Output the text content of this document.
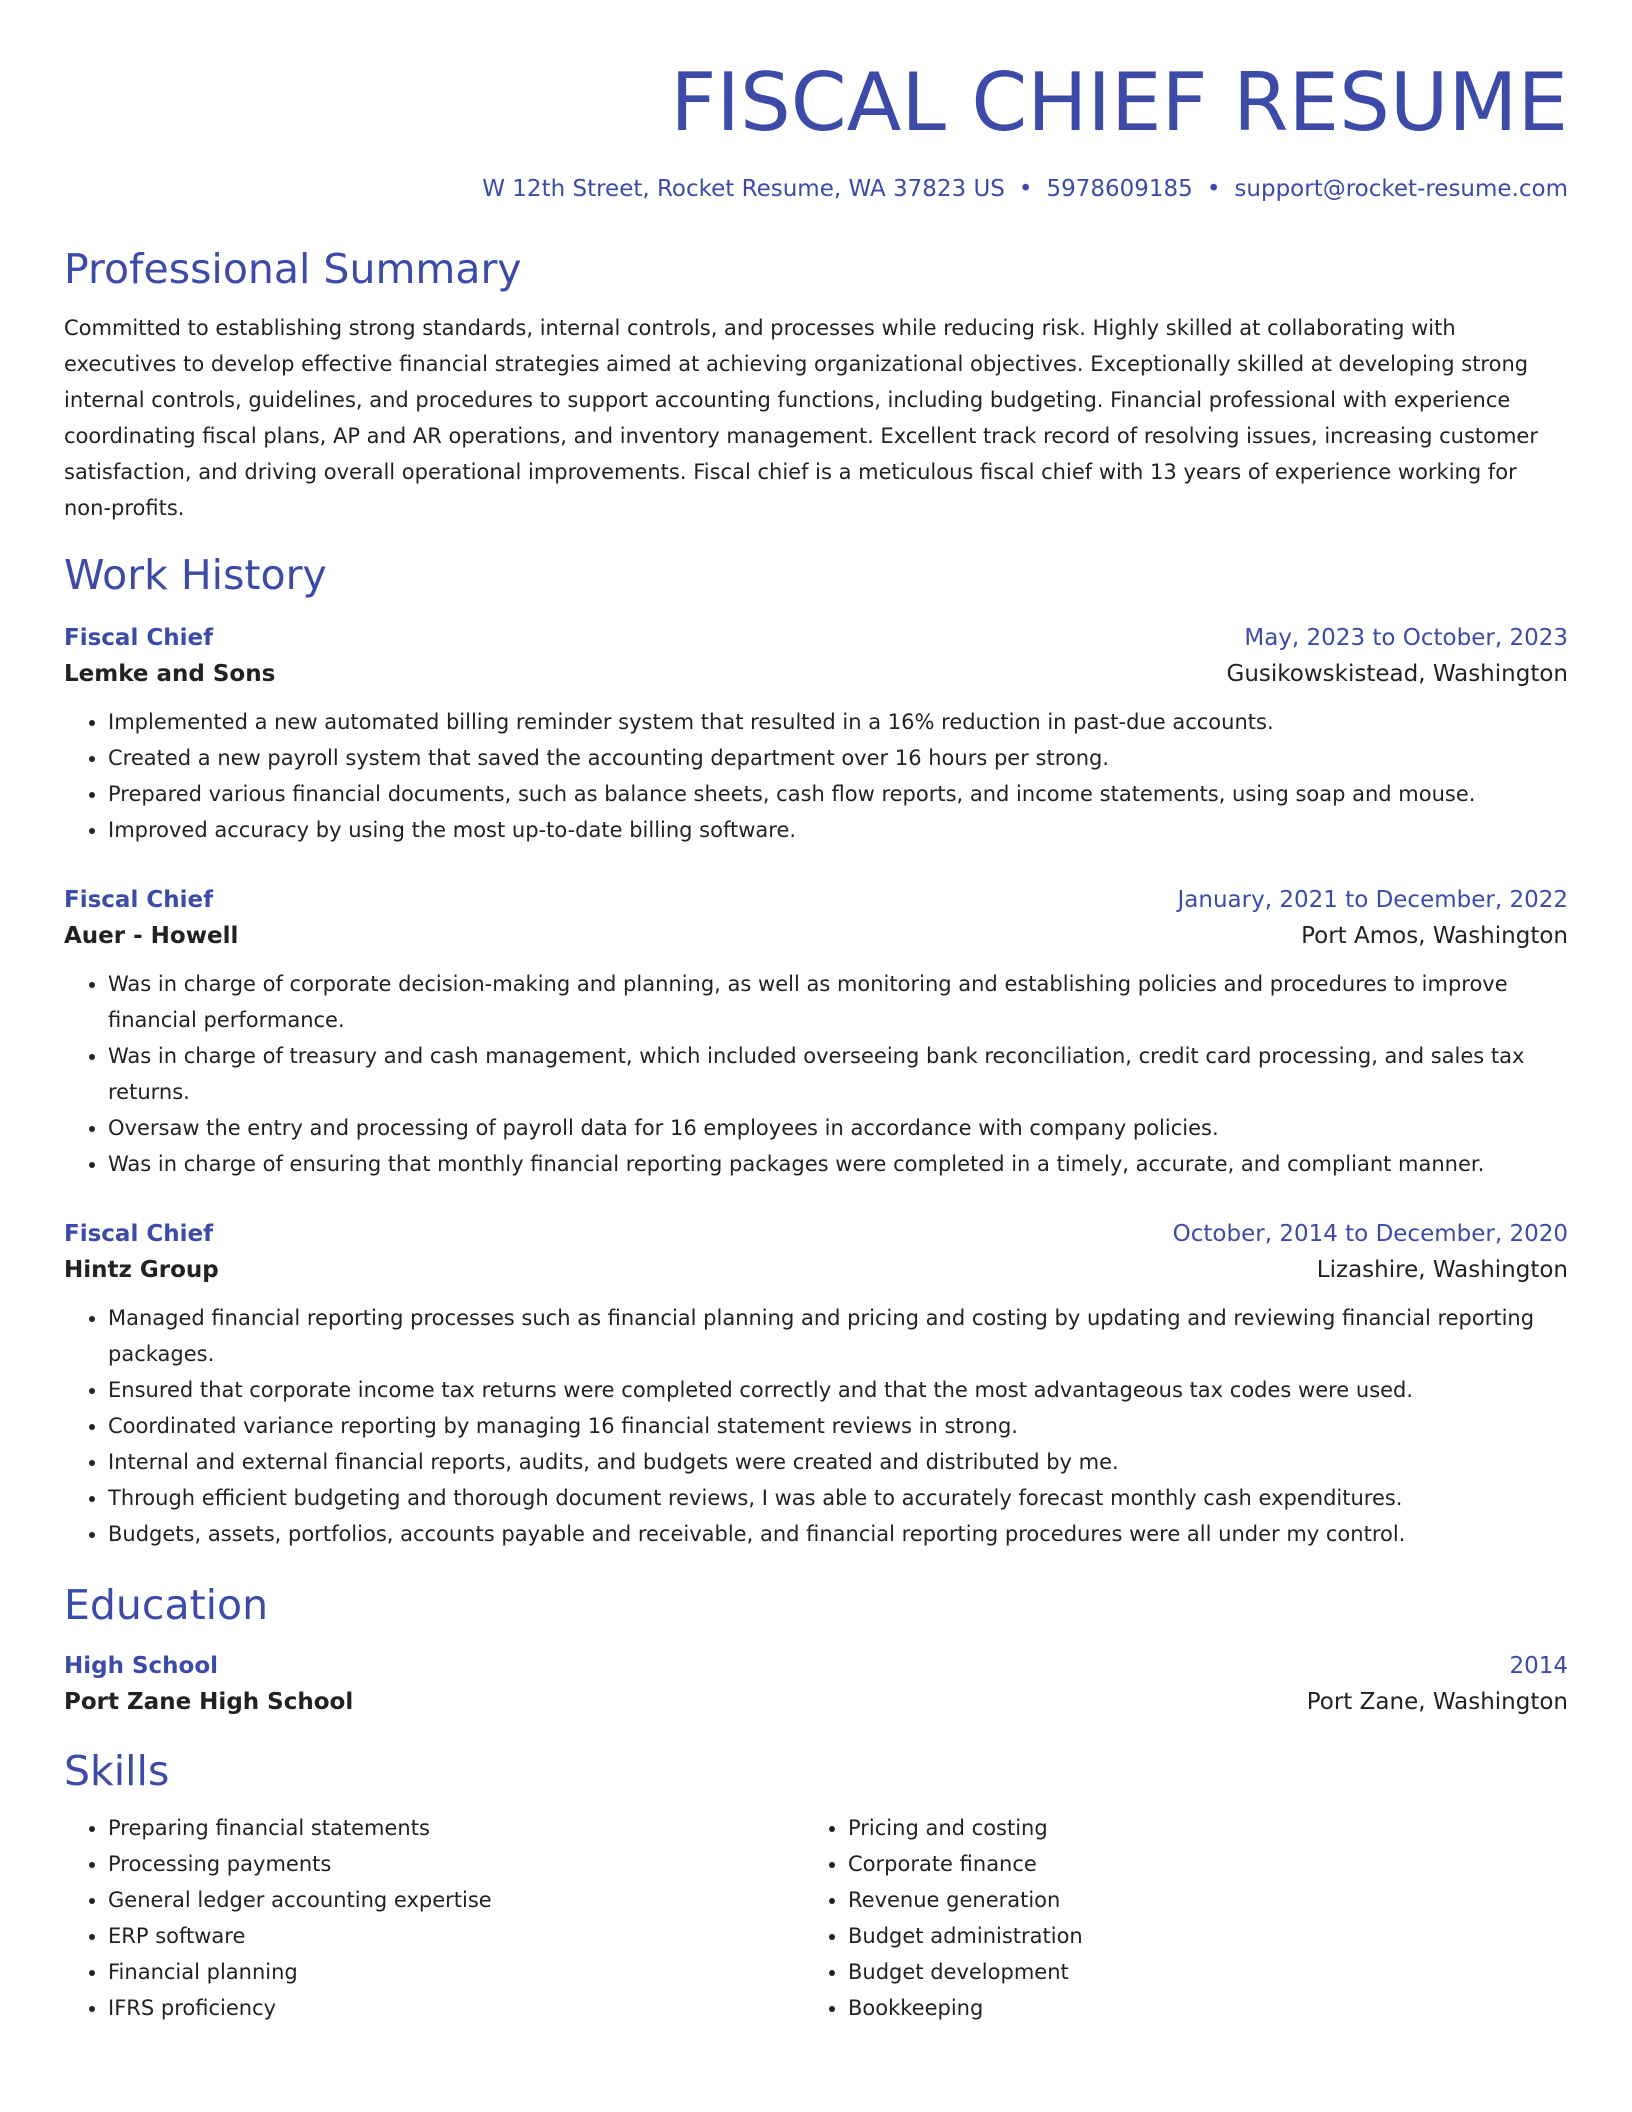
FISCAL CHIEF RESUME
W 12th Street, Rocket Resume, WA 37823 US • 5978609185 • support@rocket-resume.com
Professional Summary
Committed to establishing strong standards, internal controls, and processes while reducing risk. Highly skilled at collaborating with executives to develop effective financial strategies aimed at achieving organizational objectives. Exceptionally skilled at developing strong internal controls, guidelines, and procedures to support accounting functions, including budgeting. Financial professional with experience coordinating fiscal plans, AP and AR operations, and inventory management. Excellent track record of resolving issues, increasing customer satisfaction, and driving overall operational improvements. Fiscal chief is a meticulous fiscal chief with 13 years of experience working for non-profits.
Work History
Fiscal Chief	May, 2023 to October, 2023
Lemke and Sons	Gusikowskistead, Washington
• Implemented a new automated billing reminder system that resulted in a 16% reduction in past-due accounts.
• Created a new payroll system that saved the accounting department over 16 hours per strong.
• Prepared various financial documents, such as balance sheets, cash flow reports, and income statements, using soap and mouse.
• Improved accuracy by using the most up-to-date billing software.
Fiscal Chief	January, 2021 to December, 2022
Auer - Howell	Port Amos, Washington
• Was in charge of corporate decision-making and planning, as well as monitoring and establishing policies and procedures to improve financial performance.
• Was in charge of treasury and cash management, which included overseeing bank reconciliation, credit card processing, and sales tax returns.
• Oversaw the entry and processing of payroll data for 16 employees in accordance with company policies.
• Was in charge of ensuring that monthly financial reporting packages were completed in a timely, accurate, and compliant manner.
Fiscal Chief	October, 2014 to December, 2020
Hintz Group	Lizashire, Washington
• Managed financial reporting processes such as financial planning and pricing and costing by updating and reviewing financial reporting packages.
• Ensured that corporate income tax returns were completed correctly and that the most advantageous tax codes were used.
• Coordinated variance reporting by managing 16 financial statement reviews in strong.
• Internal and external financial reports, audits, and budgets were created and distributed by me.
• Through efficient budgeting and thorough document reviews, I was able to accurately forecast monthly cash expenditures.
• Budgets, assets, portfolios, accounts payable and receivable, and financial reporting procedures were all under my control.
Education
High School	2014
Port Zane High School	Port Zane, Washington
Skills
• Preparing financial statements
• Processing payments
• General ledger accounting expertise
• ERP software
• Financial planning
• IFRS proficiency
• Pricing and costing
• Corporate finance
• Revenue generation
• Budget administration
• Budget development
• Bookkeeping
